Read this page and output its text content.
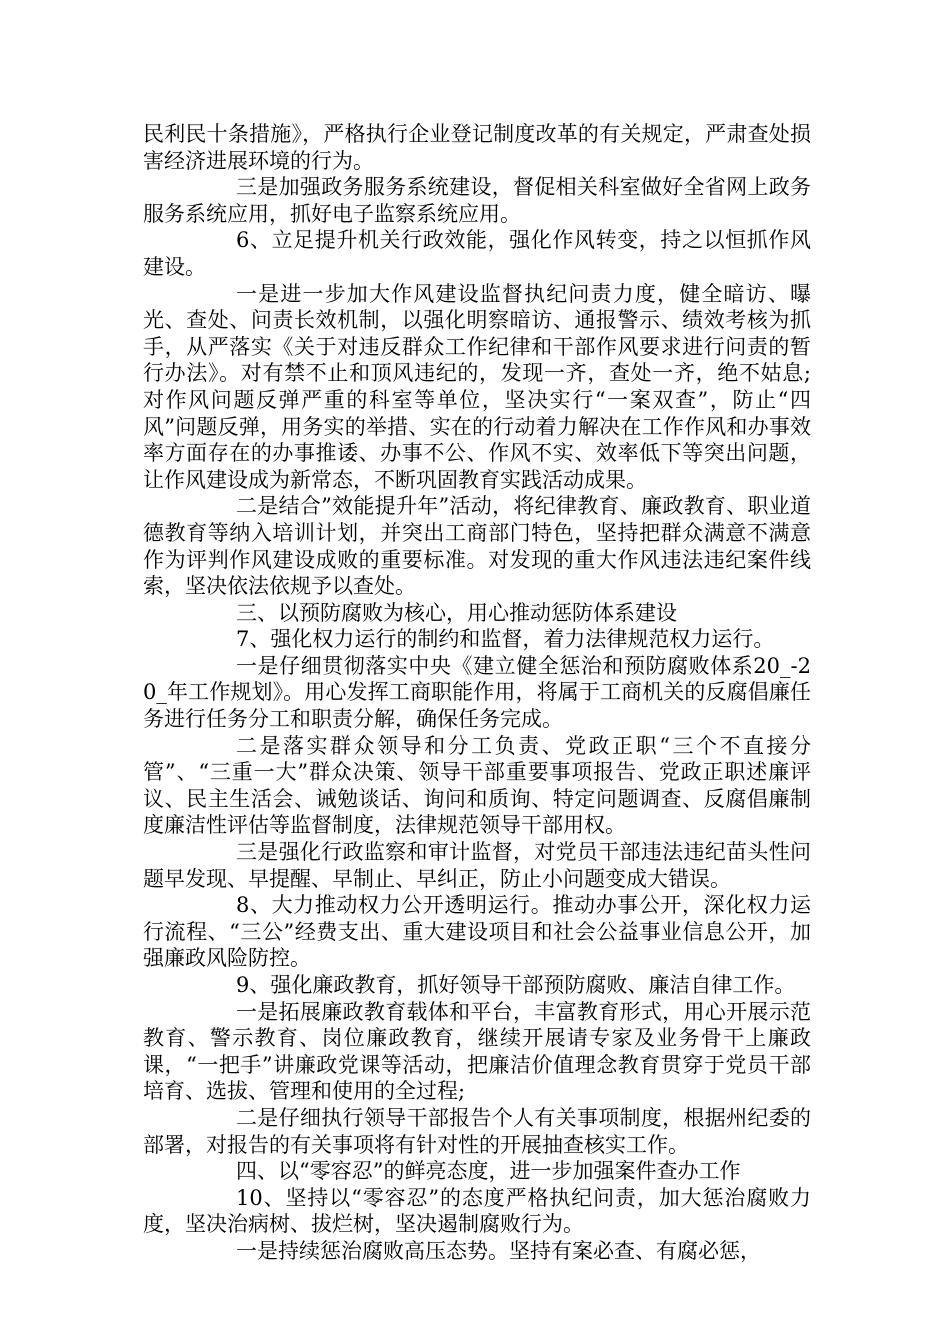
民利民十条措施》，严格执行企业登记制度改革的有关规定，严肃查处损害经济进展环境的行为。

三是加强政务服务系统建设，督促相关科室做好全省网上政务服务系统应用，抓好电子监察系统应用。

6、立足提升机关行政效能，强化作风转变，持之以恒抓作风建设。

一是进一步加大作风建设监督执纪问责力度，健全暗访、曝光、查处、问责长效机制，以强化明察暗访、通报警示、绩效考核为抓手，从严落实《关于对违反群众工作纪律和干部作风要求进行问责的暂行办法》。对有禁不止和顶风违纪的，发现一齐，查处一齐，绝不姑息;对作风问题反弹严重的科室等单位，坚决实行“一案双查”，防止“四风”问题反弹，用务实的举措、实在的行动着力解决在工作作风和办事效率方面存在的办事推诿、办事不公、作风不实、效率低下等突出问题，让作风建设成为新常态，不断巩固教育实践活动成果。

二是结合”效能提升年”活动，将纪律教育、廉政教育、职业道德教育等纳入培训计划，并突出工商部门特色，坚持把群众满意不满意作为评判作风建设成败的重要标准。对发现的重大作风违法违纪案件线索，坚决依法依规予以查处。

三、以预防腐败为核心，用心推动惩防体系建设

7、强化权力运行的制约和监督，着力法律规范权力运行。

一是仔细贯彻落实中央《建立健全惩治和预防腐败体系20_-20_年工作规划》。用心发挥工商职能作用，将属于工商机关的反腐倡廉任务进行任务分工和职责分解，确保任务完成。

二是落实群众领导和分工负责、党政正职“三个不直接分管”、“三重一大”群众决策、领导干部重要事项报告、党政正职述廉评议、民主生活会、诫勉谈话、询问和质询、特定问题调查、反腐倡廉制度廉洁性评估等监督制度，法律规范领导干部用权。

三是强化行政监察和审计监督，对党员干部违法违纪苗头性问题早发现、早提醒、早制止、早纠正，防止小问题变成大错误。

8、大力推动权力公开透明运行。推动办事公开，深化权力运行流程、“三公”经费支出、重大建设项目和社会公益事业信息公开，加强廉政风险防控。

9、强化廉政教育，抓好领导干部预防腐败、廉洁自律工作。

一是拓展廉政教育载体和平台，丰富教育形式，用心开展示范教育、警示教育、岗位廉政教育，继续开展请专家及业务骨干上廉政课，“一把手”讲廉政党课等活动，把廉洁价值理念教育贯穿于党员干部培育、选拔、管理和使用的全过程;

二是仔细执行领导干部报告个人有关事项制度，根据州纪委的部署，对报告的有关事项将有针对性的开展抽查核实工作。

四、以“零容忍”的鲜亮态度，进一步加强案件查办工作

10、坚持以“零容忍”的态度严格执纪问责，加大惩治腐败力度，坚决治病树、拔烂树，坚决遏制腐败行为。

一是持续惩治腐败高压态势。坚持有案必查、有腐必惩，
